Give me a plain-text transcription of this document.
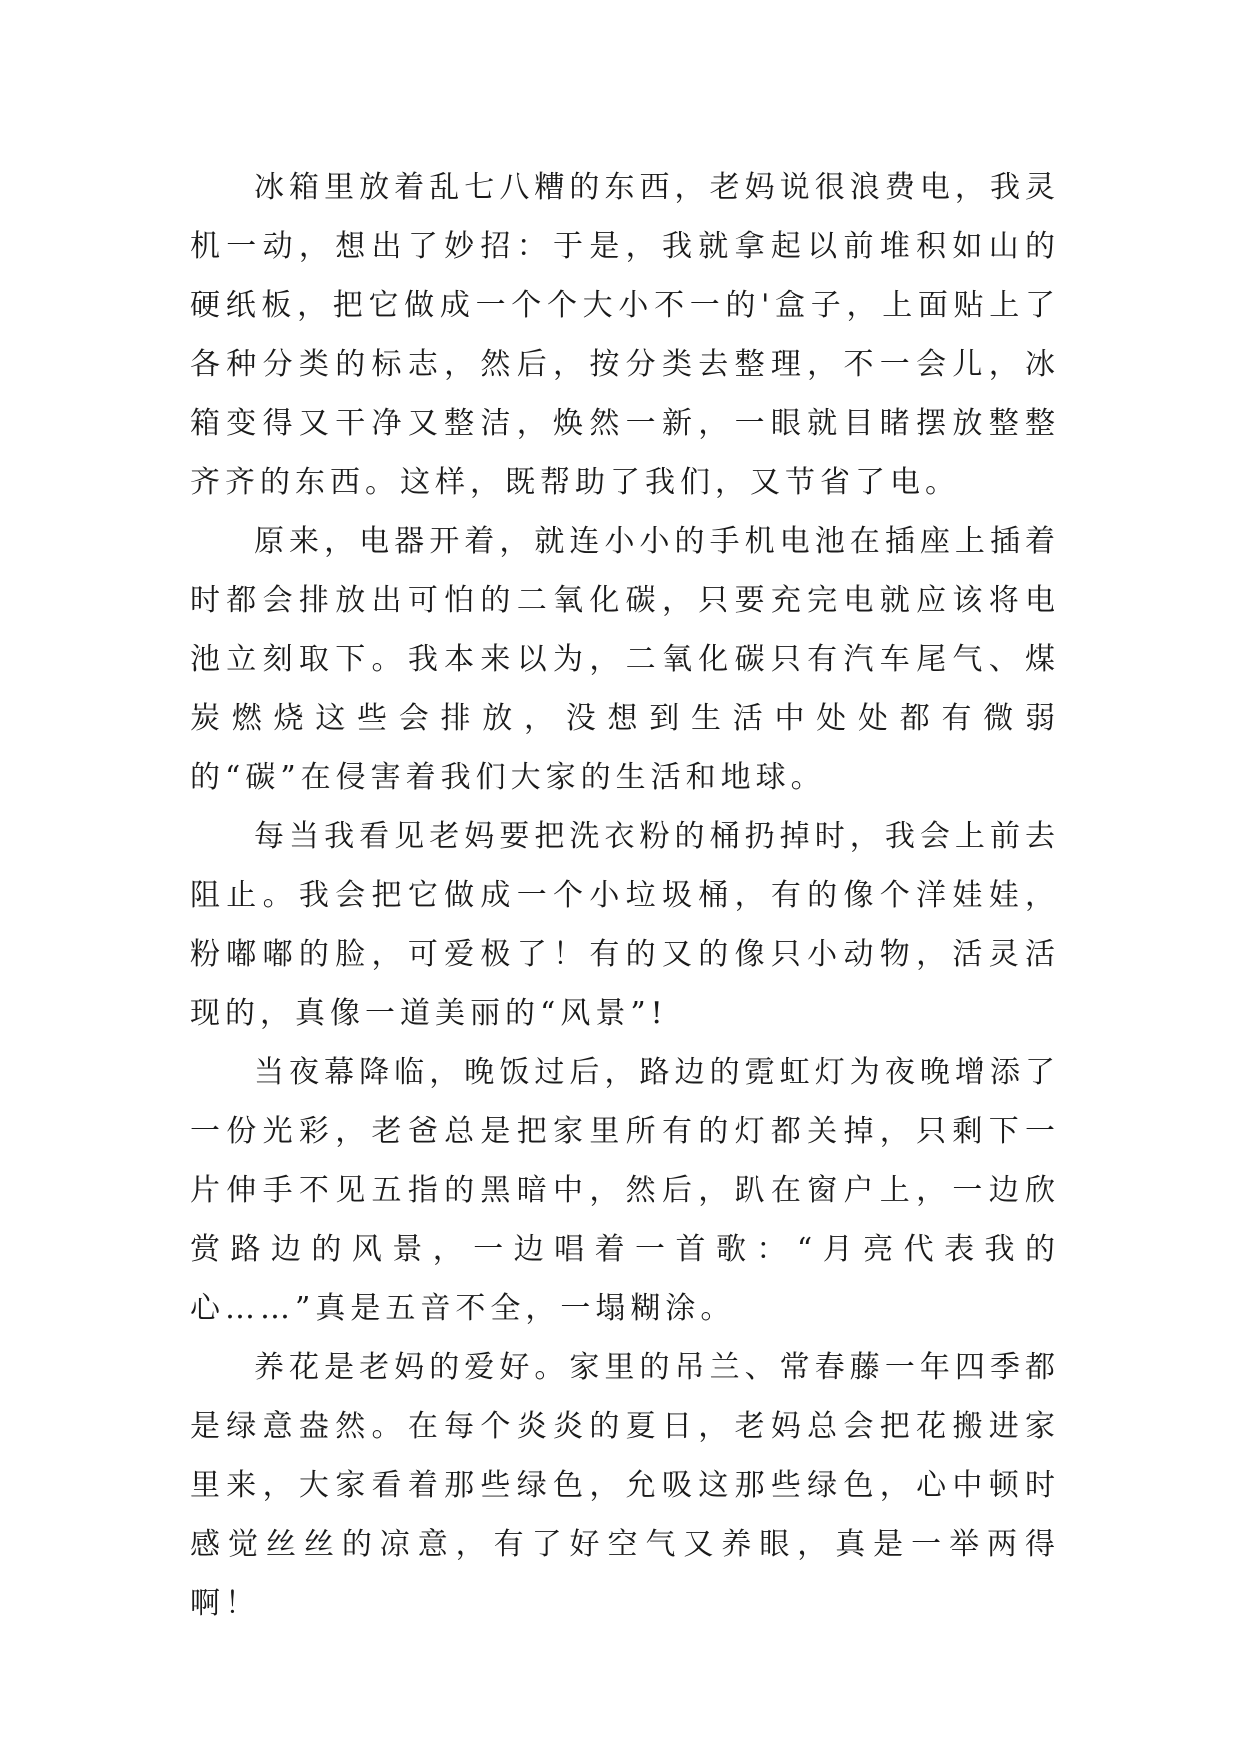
冰箱里放着乱七八糟的东西，老妈说很浪费电，我灵机一动，想出了妙招：于是，我就拿起以前堆积如山的硬纸板，把它做成一个个大小不一的'盒子，上面贴上了各种分类的标志，然后，按分类去整理，不一会儿，冰箱变得又干净又整洁，焕然一新，一眼就目睹摆放整整齐齐的东西。这样，既帮助了我们，又节省了电。

原来，电器开着，就连小小的手机电池在插座上插着时都会排放出可怕的二氧化碳，只要充完电就应该将电池立刻取下。我本来以为，二氧化碳只有汽车尾气、煤炭燃烧这些会排放，没想到生活中处处都有微弱的“碳”在侵害着我们大家的生活和地球。

每当我看见老妈要把洗衣粉的桶扔掉时，我会上前去阻止。我会把它做成一个小垃圾桶，有的像个洋娃娃，粉嘟嘟的脸，可爱极了！有的又的像只小动物，活灵活现的，真像一道美丽的“风景”!

当夜幕降临，晚饭过后，路边的霓虹灯为夜晚增添了一份光彩，老爸总是把家里所有的灯都关掉，只剩下一片伸手不见五指的黑暗中，然后，趴在窗户上，一边欣赏路边的风景，一边唱着一首歌：“月亮代表我的心……”真是五音不全，一塌糊涂。

养花是老妈的爱好。家里的吊兰、常春藤一年四季都是绿意盎然。在每个炎炎的夏日，老妈总会把花搬进家里来，大家看着那些绿色，允吸这那些绿色，心中顿时感觉丝丝的凉意，有了好空气又养眼，真是一举两得啊！
